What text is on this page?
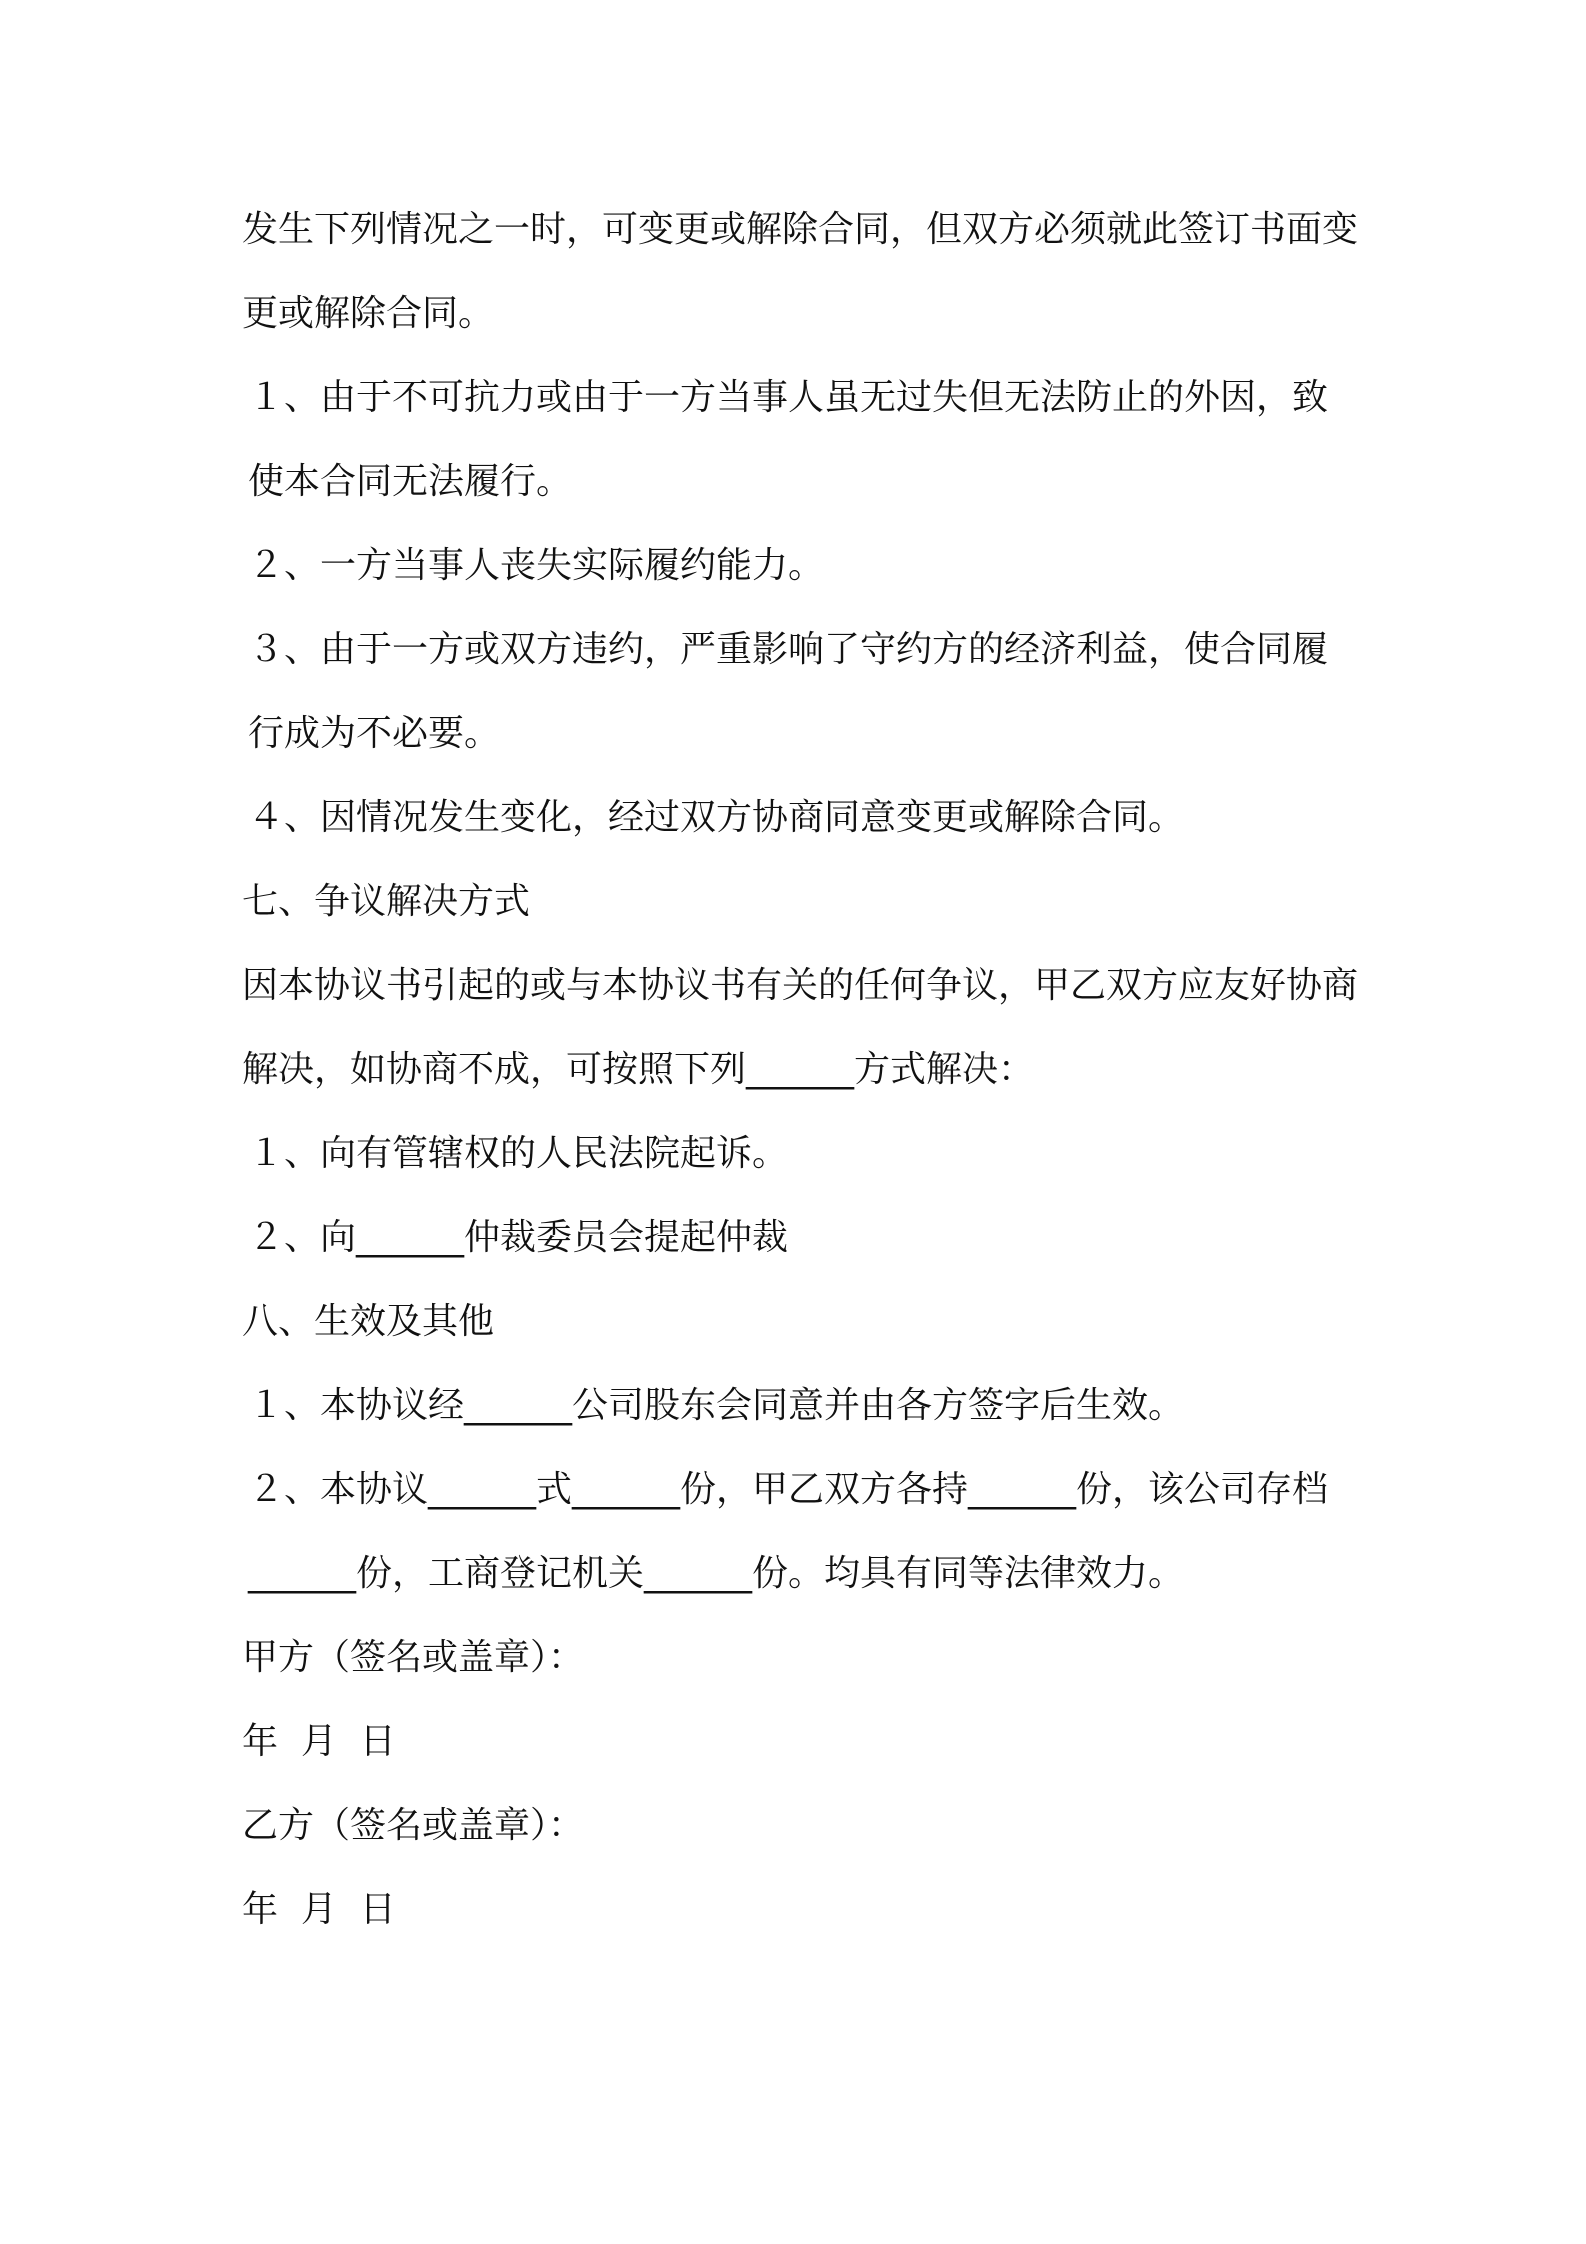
发生下列情况之一时，可变更或解除合同，但双方必须就此签订书面变更或解除合同。

１、由于不可抗力或由于一方当事人虽无过失但无法防止的外因，致使本合同无法履行。

２、一方当事人丧失实际履约能力。

３、由于一方或双方违约，严重影响了守约方的经济利益，使合同履行成为不必要。

４、因情况发生变化，经过双方协商同意变更或解除合同。

七、争议解决方式

因本协议书引起的或与本协议书有关的任何争议，甲乙双方应友好协商解决，如协商不成，可按照下列______方式解决：

１、向有管辖权的人民法院起诉。

２、向______仲裁委员会提起仲裁

八、生效及其他

１、本协议经______公司股东会同意并由各方签字后生效。

２、本协议______式______份，甲乙双方各持______份，该公司存档______份，工商登记机关______份。均具有同等法律效力。

甲方（签名或盖章）：

年  月  日

乙方（签名或盖章）：

年  月  日
